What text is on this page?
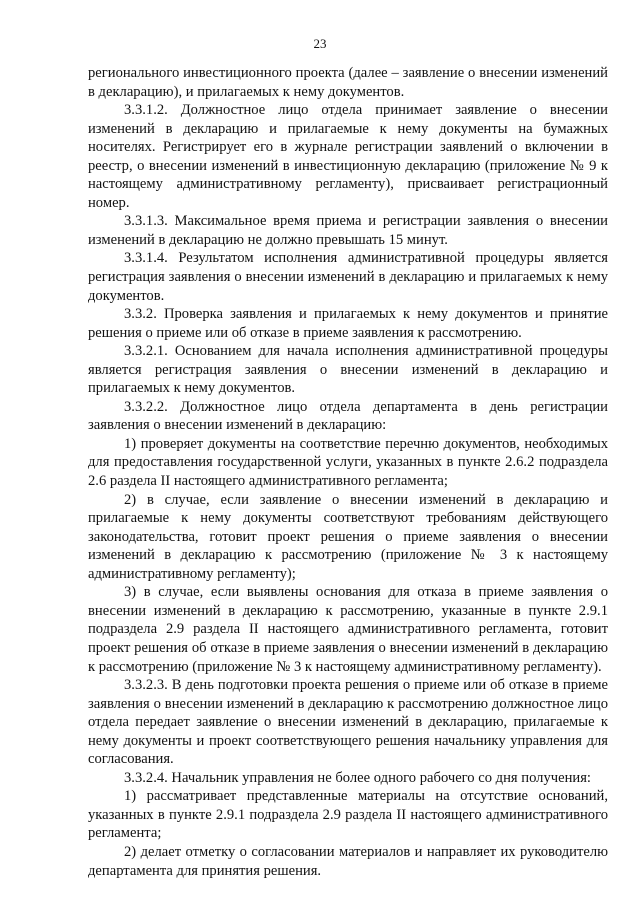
23

регионального инвестиционного проекта (далее – заявление о внесении изменений в декларацию), и прилагаемых к нему документов.

3.3.1.2. Должностное лицо отдела принимает заявление о внесении изменений в декларацию и прилагаемые к нему документы на бумажных носителях. Регистрирует его в журнале регистрации заявлений о включении в реестр, о внесении изменений в инвестиционную декларацию (приложение № 9 к настоящему административному регламенту), присваивает регистрационный номер.

3.3.1.3. Максимальное время приема и регистрации заявления о внесении изменений в декларацию не должно превышать 15 минут.

3.3.1.4. Результатом исполнения административной процедуры является регистрация заявления о внесении изменений в декларацию и прилагаемых к нему документов.

3.3.2. Проверка заявления и прилагаемых к нему документов и принятие решения о приеме или об отказе в приеме заявления к рассмотрению.

3.3.2.1. Основанием для начала исполнения административной процедуры является регистрация заявления о внесении изменений в декларацию и прилагаемых к нему документов.

3.3.2.2. Должностное лицо отдела департамента в день регистрации заявления о внесении изменений в декларацию:

1) проверяет документы на соответствие перечню документов, необходимых для предоставления государственной услуги, указанных в пункте 2.6.2 подраздела 2.6 раздела II настоящего административного регламента;

2) в случае, если заявление о внесении изменений в декларацию и прилагаемые к нему документы соответствуют требованиям действующего законодательства, готовит проект решения о приеме заявления о внесении изменений в декларацию к рассмотрению (приложение № 3 к настоящему административному регламенту);

3) в случае, если выявлены основания для отказа в приеме заявления о внесении изменений в декларацию к рассмотрению, указанные в пункте 2.9.1 подраздела 2.9 раздела II настоящего административного регламента, готовит проект решения об отказе в приеме заявления о внесении изменений в декларацию к рассмотрению (приложение № 3 к настоящему административному регламенту).

3.3.2.3. В день подготовки проекта решения о приеме или об отказе в приеме заявления о внесении изменений в декларацию к рассмотрению должностное лицо отдела передает заявление о внесении изменений в декларацию, прилагаемые к нему документы и проект соответствующего решения начальнику управления для согласования.

3.3.2.4. Начальник управления не более одного рабочего со дня получения:

1) рассматривает представленные материалы на отсутствие оснований, указанных в пункте 2.9.1 подраздела 2.9 раздела II настоящего административного регламента;

2) делает отметку о согласовании материалов и направляет их руководителю департамента для принятия решения.
